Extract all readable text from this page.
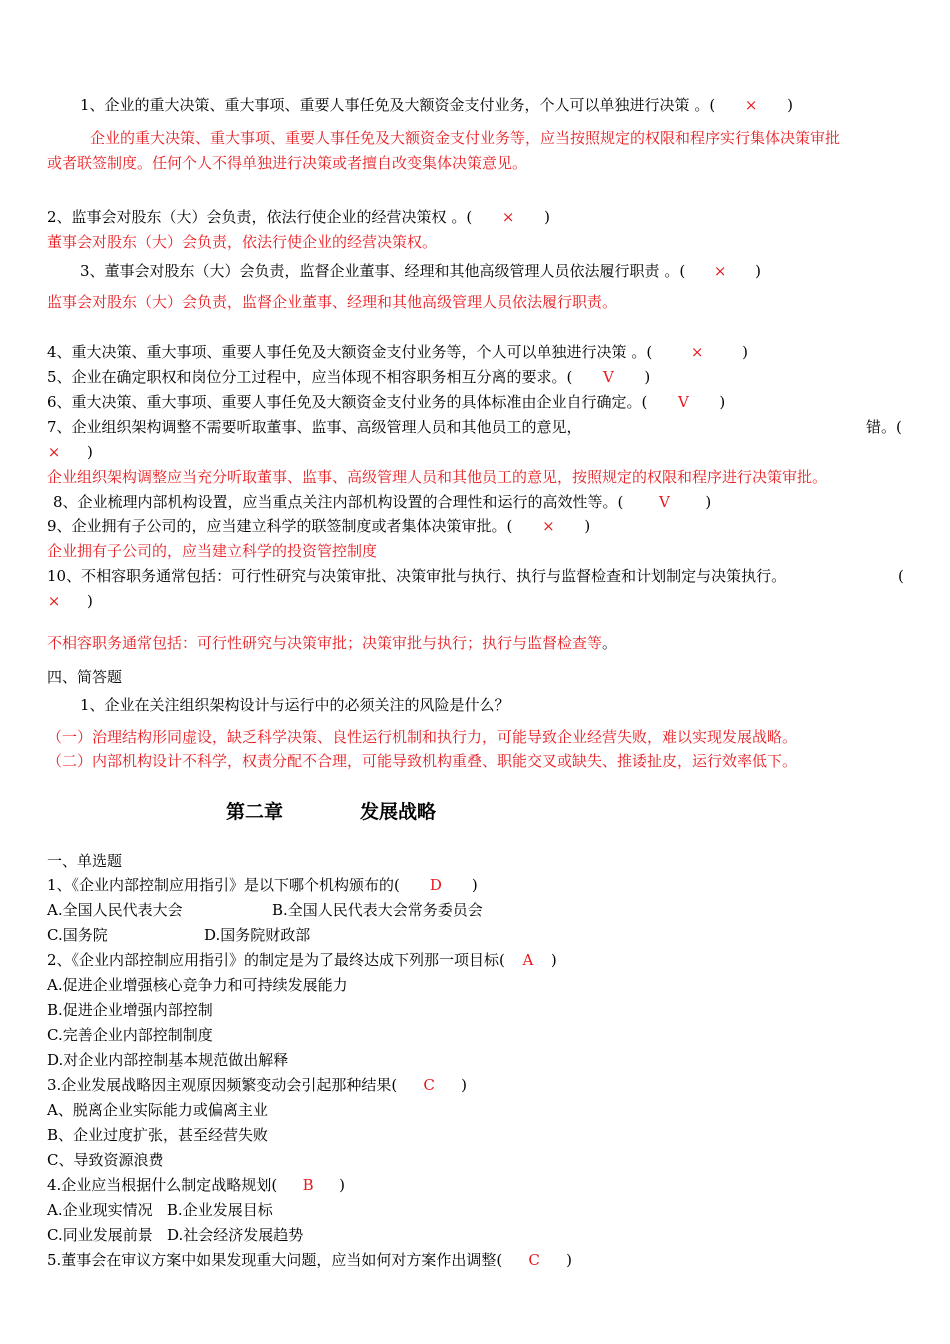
1、企业的重大决策、重大事项、重要人事任免及大额资金支付业务，个人可以单独进行决策 。( × )
企业的重大决策、重大事项、重要人事任免及大额资金支付业务等，应当按照规定的权限和程序实行集体决策审批
或者联签制度。任何个人不得单独进行决策或者擅自改变集体决策意见。
2、监事会对股东（大）会负责，依法行使企业的经营决策权 。( × )
董事会对股东（大）会负责，依法行使企业的经营决策权。
3、董事会对股东（大）会负责，监督企业董事、经理和其他高级管理人员依法履行职责 。( × )
监事会对股东（大）会负责，监督企业董事、经理和其他高级管理人员依法履行职责。
4、重大决策、重大事项、重要人事任免及大额资金支付业务等，个人可以单独进行决策 。(	×	)
5、企业在确定职权和岗位分工过程中，应当体现不相容职务相互分离的要求。( V )
6、重大决策、重大事项、重要人事任免及大额资金支付业务的具体标准由企业自行确定。( V )
7、企业组织架构调整不需要听取董事、监事、高级管理人员和其他员工的意见，	错。(
× )
企业组织架构调整应当充分听取董事、监事、高级管理人员和其他员工的意见，按照规定的权限和程序进行决策审批。
8、企业梳理内部机构设置，应当重点关注内部机构设置的合理性和运行的高效性等。( V )
9、企业拥有子公司的，应当建立科学的联签制度或者集体决策审批。( × )
企业拥有子公司的，应当建立科学的投资管控制度
10、不相容职务通常包括：可行性研究与决策审批、决策审批与执行、执行与监督检查和计划制定与决策执行。	(
× )
不相容职务通常包括：可行性研究与决策审批；决策审批与执行；执行与监督检查等。
四、简答题
1、企业在关注组织架构设计与运行中的必须关注的风险是什么？
（一）治理结构形同虚设，缺乏科学决策、良性运行机制和执行力，可能导致企业经营失败，难以实现发展战略。
（二）内部机构设计不科学，权责分配不合理，可能导致机构重叠、职能交叉或缺失、推诿扯皮，运行效率低下。
第二章	发展战略
一、单选题
1、《企业内部控制应用指引》是以下哪个机构颁布的( D )
A.全国人民代表大会	B.全国人民代表大会常务委员会
C.国务院	D.国务院财政部
2、《企业内部控制应用指引》的制定是为了最终达成下列那一项目标( A )
A.促进企业增强核心竞争力和可持续发展能力
B.促进企业增强内部控制
C.完善企业内部控制制度
D.对企业内部控制基本规范做出解释
3.企业发展战略因主观原因频繁变动会引起那种结果( C )
A、脱离企业实际能力或偏离主业
B、企业过度扩张，甚至经营失败
C、导致资源浪费
4.企业应当根据什么制定战略规划( B )
A.企业现实情况   B.企业发展目标
C.同业发展前景   D.社会经济发展趋势
5.董事会在审议方案中如果发现重大问题，应当如何对方案作出调整( C )
